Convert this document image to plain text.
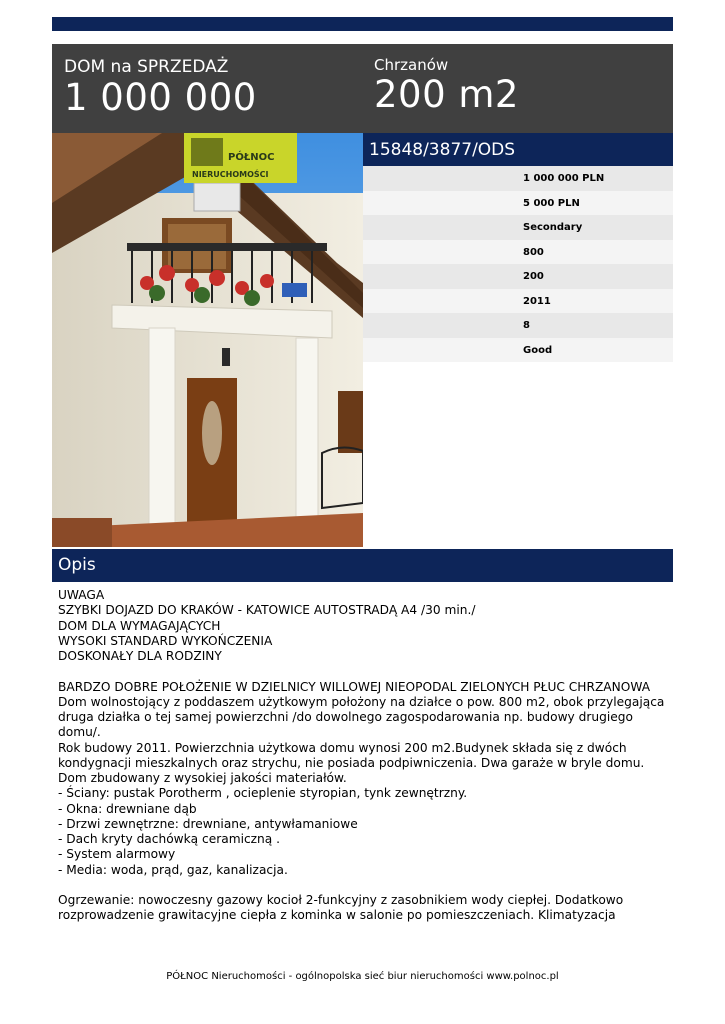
DOM na SPRZEDAŻ
1 000 000
Chrzanów
200 m2
PÓŁNOC
NIERUCHOMOŚCI
15848/3877/ODS
1 000 000 PLN
5 000 PLN
Secondary
800
200
2011
8
Good
Opis
UWAGA
SZYBKI DOJAZD DO KRAKÓW - KATOWICE AUTOSTRADĄ A4 /30 min./
DOM DLA WYMAGAJĄCYCH
WYSOKI STANDARD WYKOŃCZENIA
DOSKONAŁY DLA RODZINY
BARDZO DOBRE POŁOŻENIE W DZIELNICY WILLOWEJ NIEOPODAL ZIELONYCH PŁUC CHRZANOWA
Dom wolnostojący z poddaszem użytkowym położony na działce o pow. 800 m2, obok przylegająca
druga działka o tej samej powierzchni /do dowolnego zagospodarowania np. budowy drugiego
domu/.
Rok budowy 2011. Powierzchnia użytkowa domu wynosi 200 m2.Budynek składa się z dwóch
kondygnacji mieszkalnych oraz strychu, nie posiada podpiwniczenia. Dwa garaże w bryle domu.
Dom zbudowany z wysokiej jakości materiałów.
- Ściany: pustak Porotherm , ocieplenie styropian, tynk zewnętrzny.
- Okna: drewniane dąb
- Drzwi zewnętrzne: drewniane, antywłamaniowe
- Dach kryty dachówką ceramiczną .
- System alarmowy
- Media: woda, prąd, gaz, kanalizacja.
Ogrzewanie: nowoczesny gazowy kocioł 2-funkcyjny z zasobnikiem wody ciepłej. Dodatkowo
rozprowadzenie grawitacyjne ciepła z kominka w salonie po pomieszczeniach. Klimatyzacja
PÓŁNOC Nieruchomości - ogólnopolska sieć biur nieruchomości www.polnoc.pl
